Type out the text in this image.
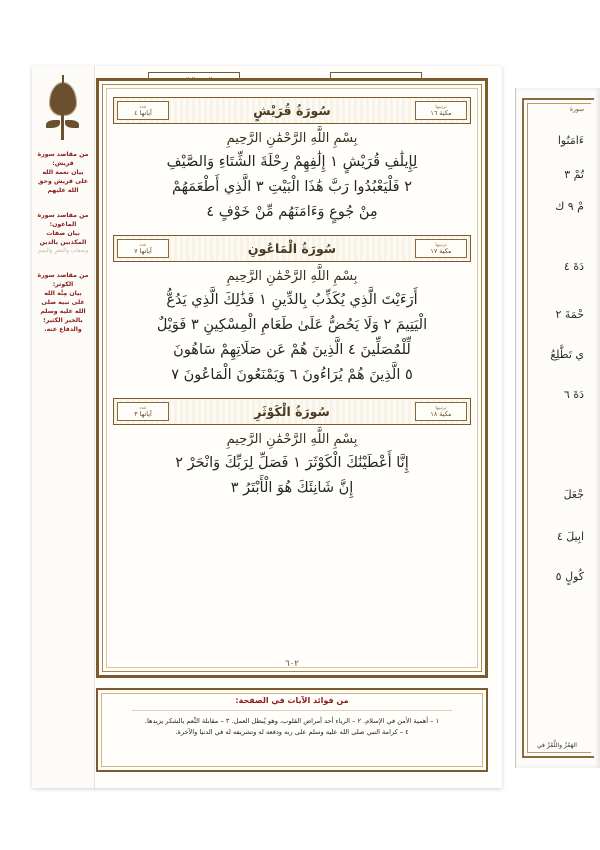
سورة
ءَامَنُوا
تُمْ ٣
مْ ٩ ك
دَةَ ٤
حْمَةَ ٢
ي تَطَّلِعُ
دَةَ ٦
جْعَلَ
ابِيلَ ٤
كُولٍ ٥
الهَمْزُ واللَّمْزُ في
من مقاصد سورة قريش:
بيان نعمة الله على قريش وحق الله عليهم
من مقاصد سورة الماعون:
بيان صفات المكذبين بالدين
وصفاتِ والفقرِ واليتيمِ
من مقاصد سورة الكوثر:
بيان مِنَّة الله على نبيه صلى الله عليه وسلم بالخير الكثير؛ والدفاع عنه.
ترتيبها
مكية ١٦
سُورَةُ قُرَيْشٍ
عدد
آياتها ٤
بِسْمِ اللَّهِ الرَّحْمَٰنِ الرَّحِيمِ
لِإِيلَٰفِ قُرَيْشٍ ١ إِلَٰفِهِمْ رِحْلَةَ الشِّتَاءِ وَالصَّيْفِ
٢ فَلْيَعْبُدُوا رَبَّ هَٰذَا الْبَيْتِ ٣ الَّذِي أَطْعَمَهُمْ
مِنْ جُوعٍ وَءَامَنَهُم مِّنْ خَوْفٍ ٤
ترتيبها
مكية ١٧
سُورَةُ الْمَاعُونِ
عدد
آياتها ٧
بِسْمِ اللَّهِ الرَّحْمَٰنِ الرَّحِيمِ
أَرَءَيْتَ الَّذِي يُكَذِّبُ بِالدِّينِ ١ فَذَٰلِكَ الَّذِي يَدُعُّ
الْيَتِيمَ ٢ وَلَا يَحُضُّ عَلَىٰ طَعَامِ الْمِسْكِينِ ٣ فَوَيْلٌ
لِّلْمُصَلِّينَ ٤ الَّذِينَ هُمْ عَن صَلَاتِهِمْ سَاهُونَ
٥ الَّذِينَ هُمْ يُرَاءُونَ ٦ وَيَمْنَعُونَ الْمَاعُونَ ٧
ترتيبها
مكية ١٨
سُورَةُ الْكَوْثَرِ
عدد
آياتها ٣
بِسْمِ اللَّهِ الرَّحْمَٰنِ الرَّحِيمِ
إِنَّا أَعْطَيْنَٰكَ الْكَوْثَرَ ١ فَصَلِّ لِرَبِّكَ وَانْحَرْ ٢
إِنَّ شَانِئَكَ هُوَ الْأَبْتَرُ ٣
٦٠٢
من فوائد الآيات في الصفحة:
١ – أهمية الأمن في الإسلام. ٢ – الرياء أحد أمراض القلوب، وهو يُبطل العمل. ٣ – مقابلة النِّعم بالشكر يزيدها.
٤ – كرامة النبي صلى الله عليه وسلم على ربه ودفعه له وتشريفه له في الدنيا والآخرة.
